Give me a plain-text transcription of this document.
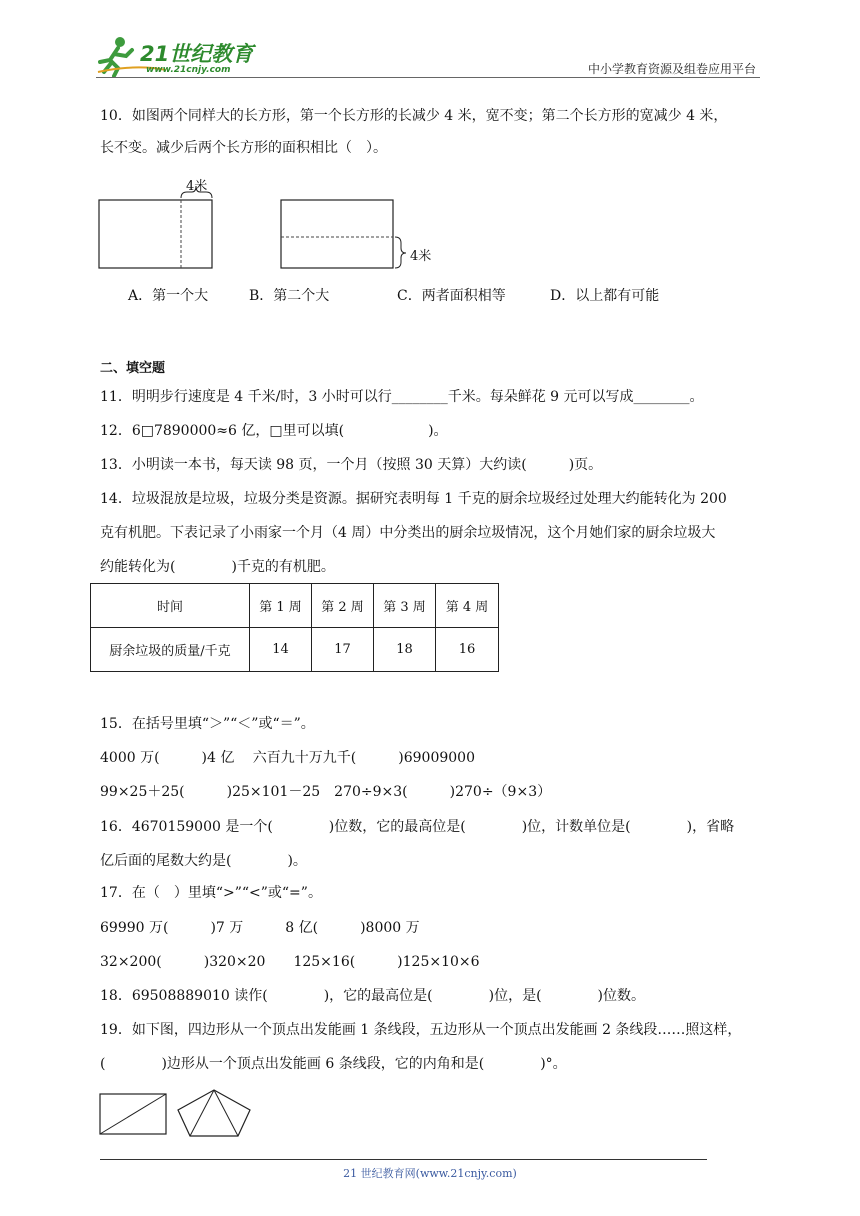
21世纪教育
www.21cnjy.com	中小学教育资源及组卷应用平台
10．如图两个同样大的长方形，第一个长方形的长减少 4 米，宽不变；第二个长方形的宽减少 4 米，
长不变。减少后两个长方形的面积相比（　）。
4米
4米
A．第一个大	B．第二个大	C．两者面积相等	D．以上都有可能
二、填空题
11．明明步行速度是 4 千米/时，3 小时可以行________千米。每朵鲜花 9 元可以写成________。
12．6□7890000≈6 亿，□里可以填(　　　　　　)。
13．小明读一本书，每天读 98 页，一个月（按照 30 天算）大约读(　　　)页。
14．垃圾混放是垃圾，垃圾分类是资源。据研究表明每 1 千克的厨余垃圾经过处理大约能转化为 200
克有机肥。下表记录了小雨家一个月（4 周）中分类出的厨余垃圾情况，这个月她们家的厨余垃圾大
约能转化为(　　　　)千克的有机肥。
时间	第 1 周	第 2 周	第 3 周	第 4 周
厨余垃圾的质量/千克	14	17	18	16
15．在括号里填“＞”“＜”或“＝”。
4000 万(　　　)4 亿　 六百九十万九千(　　　)69009000
99×25＋25(　　　)25×101－25　270÷9×3(　　　)270÷（9×3）
16．4670159000 是一个(　　　　)位数，它的最高位是(　　　　)位，计数单位是(　　　　)，省略
亿后面的尾数大约是(　　　　)。
17．在（　）里填“>”“<”或“=”。
69990 万(　　　)7 万　　　8 亿(　　　)8000 万
32×200(　　　)320×20　　125×16(　　　)125×10×6
18．69508889010 读作(　　　　)，它的最高位是(　　　　)位，是(　　　　)位数。
19．如下图，四边形从一个顶点出发能画 1 条线段，五边形从一个顶点出发能画 2 条线段……照这样，
(　　　　)边形从一个顶点出发能画 6 条线段，它的内角和是(　　　　)°。
21 世纪教育网(www.21cnjy.com)
